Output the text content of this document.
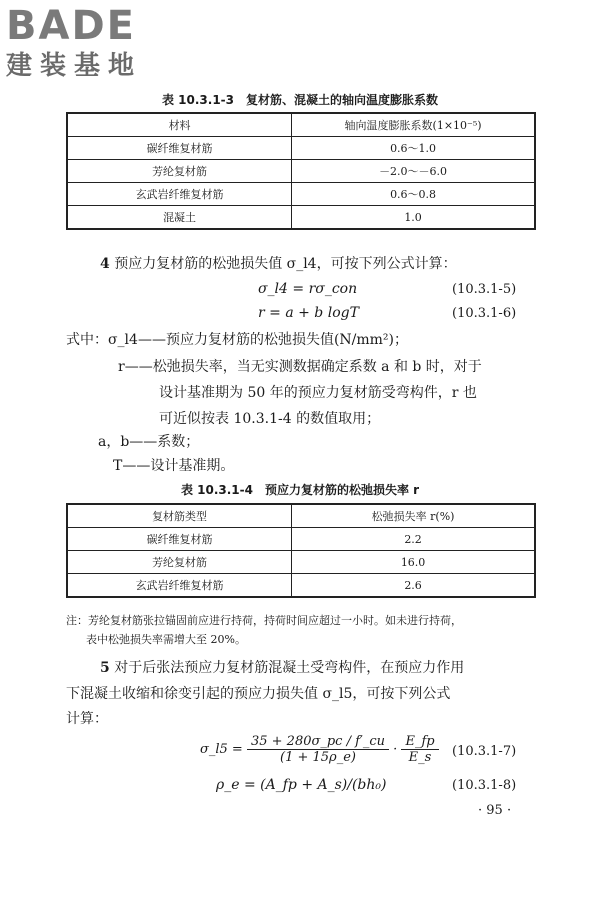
BADE
建装基地
表 10.3.1-3　复材筋、混凝土的轴向温度膨胀系数
材料	轴向温度膨胀系数(1×10⁻⁵)
碳纤维复材筋	0.6～1.0
芳纶复材筋	－2.0～－6.0
玄武岩纤维复材筋	0.6～0.8
混凝土	1.0
4 预应力复材筋的松弛损失值 σ_l4，可按下列公式计算：
σ_l4 = rσ_con	(10.3.1-5)
r = a + b logT	(10.3.1-6)
式中：σ_l4——预应力复材筋的松弛损失值(N/mm²)；
r——松弛损失率，当无实测数据确定系数 a 和 b 时，对于
设计基准期为 50 年的预应力复材筋受弯构件，r 也
可近似按表 10.3.1-4 的数值取用；
a，b——系数；
T——设计基准期。
表 10.3.1-4　预应力复材筋的松弛损失率 r
复材筋类型	松弛损失率 r(%)
碳纤维复材筋	2.2
芳纶复材筋	16.0
玄武岩纤维复材筋	2.6
注：芳纶复材筋张拉锚固前应进行持荷，持荷时间应超过一小时。如未进行持荷，
表中松弛损失率需增大至 20%。
5 对于后张法预应力复材筋混凝土受弯构件，在预应力作用
下混凝土收缩和徐变引起的预应力损失值 σ_l5，可按下列公式
计算：
σ_l5 = $\frac{35 + 280\sigma\_pc / f'\_cu}{(1 + 15\rho\_e)} \cdot \frac{E\_fp}{E\_s} (10.3.1-7)$
ρ_e = (A_fp + A_s)/(bh₀)	(10.3.1-8)
· 95 ·
